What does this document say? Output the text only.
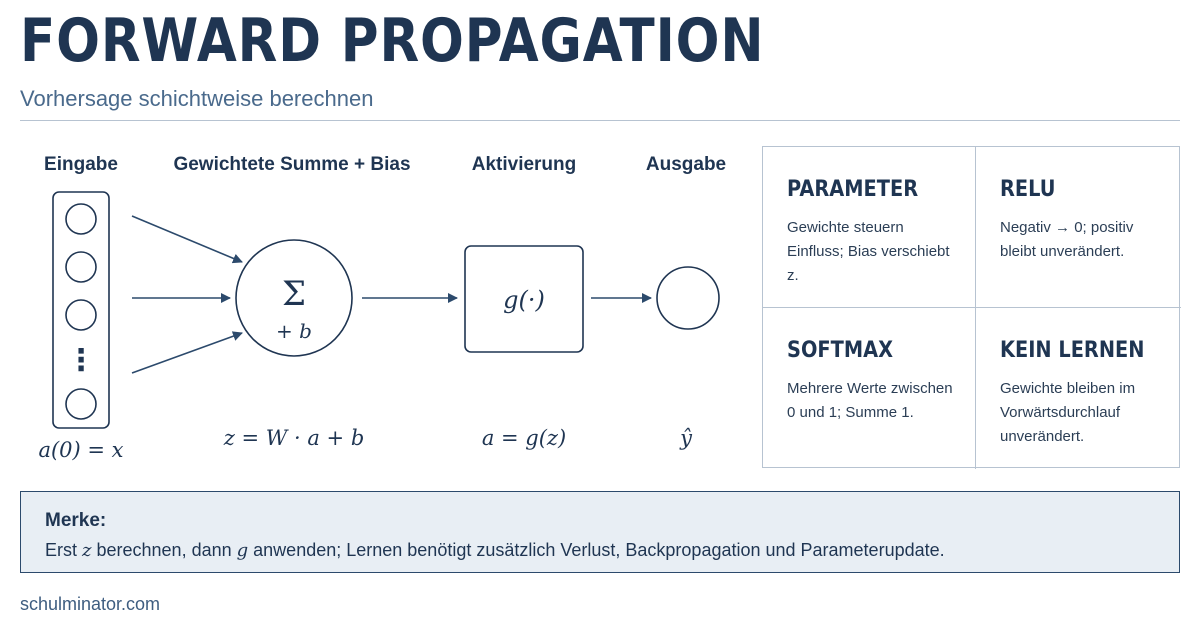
FORWARD PROPAGATION
Vorhersage schichtweise berechnen
Eingabe	Gewichtete Summe + Bias	Aktivierung	Ausgabe
⋮
Σ
+ b
g(·)
a(0) = x	z = W · a + b	a = g(z)	ŷ
PARAMETER

Gewichte steuern Einfluss; Bias verschiebt z.

RELU

Negativ → 0; positiv bleibt unverändert.

SOFTMAX

Mehrere Werte zwischen 0 und 1; Summe 1.

KEIN LERNEN

Gewichte bleiben im Vorwärtsdurchlauf unverändert.

Merke:
Erst z berechnen, dann g anwenden; Lernen benötigt zusätzlich Verlust, Backpropagation und Parameterupdate.
schulminator.com
